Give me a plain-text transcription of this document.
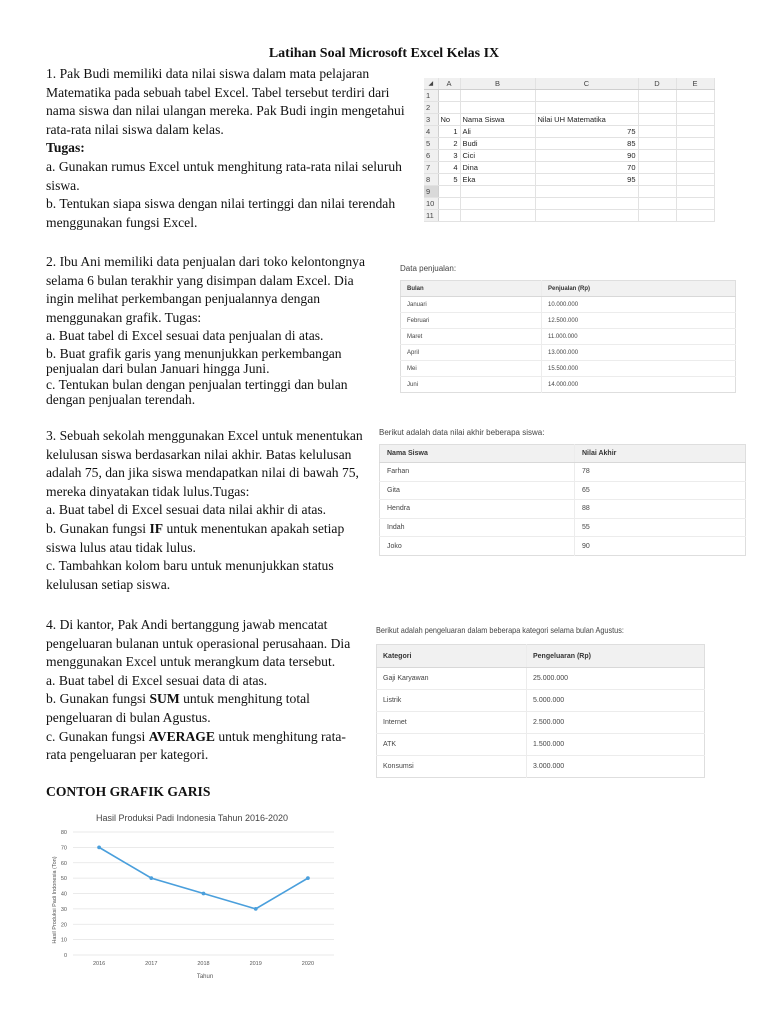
Latihan Soal Microsoft Excel Kelas IX

1. Pak Budi memiliki data nilai siswa dalam mata pelajaran Matematika pada sebuah tabel Excel. Tabel tersebut terdiri dari nama siswa dan nilai ulangan mereka. Pak Budi ingin mengetahui rata-rata nilai siswa dalam kelas.

Tugas:

a. Gunakan rumus Excel untuk menghitung rata-rata nilai seluruh siswa.

b. Tentukan siapa siswa dengan nilai tertinggi dan nilai terendah menggunakan fungsi Excel.

◢	A	B	C	D	E
1					
2					
3	No	Nama Siswa	Nilai UH Matematika		
4	1	Ali	75		
5	2	Budi	85		
6	3	Cici	90		
7	4	Dina	70		
8	5	Eka	95		
9					
10					
11					

2. Ibu Ani memiliki data penjualan dari toko kelontongnya selama 6 bulan terakhir yang disimpan dalam Excel. Dia ingin melihat perkembangan penjualannya dengan menggunakan grafik. Tugas:

a. Buat tabel di Excel sesuai data penjualan di atas.

b. Buat grafik garis yang menunjukkan perkembangan penjualan dari bulan Januari hingga Juni.

c. Tentukan bulan dengan penjualan tertinggi dan bulan dengan penjualan terendah.

Data penjualan:
Bulan	Penjualan (Rp)
Januari	10.000.000
Februari	12.500.000
Maret	11.000.000
April	13.000.000
Mei	15.500.000
Juni	14.000.000

3. Sebuah sekolah menggunakan Excel untuk menentukan kelulusan siswa berdasarkan nilai akhir. Batas kelulusan adalah 75, dan jika siswa mendapatkan nilai di bawah 75, mereka dinyatakan tidak lulus.Tugas:

a. Buat tabel di Excel sesuai data nilai akhir di atas.

b. Gunakan fungsi IF untuk menentukan apakah setiap siswa lulus atau tidak lulus.

c. Tambahkan kolom baru untuk menunjukkan status kelulusan setiap siswa.

Berikut adalah data nilai akhir beberapa siswa:
Nama Siswa	Nilai Akhir
Farhan	78
Gita	65
Hendra	88
Indah	55
Joko	90

4. Di kantor, Pak Andi bertanggung jawab mencatat pengeluaran bulanan untuk operasional perusahaan. Dia menggunakan Excel untuk merangkum data tersebut.

a. Buat tabel di Excel sesuai data di atas.

b. Gunakan fungsi SUM untuk menghitung total pengeluaran di bulan Agustus.

c. Gunakan fungsi AVERAGE untuk menghitung rata-rata pengeluaran per kategori.

Berikut adalah pengeluaran dalam beberapa kategori selama bulan Agustus:
Kategori	Pengeluaran (Rp)
Gaji Karyawan	25.000.000
Listrik	5.000.000
Internet	2.500.000
ATK	1.500.000
Konsumsi	3.000.000
CONTOH GRAFIK GARIS
Hasil Produksi Padi Indonesia Tahun 2016-2020
Hasil Produksi Padi Indonesia (Ton)
Tahun
0
10
20
30
40
50
60
70
80
2016	2017	2018	2019	2020
